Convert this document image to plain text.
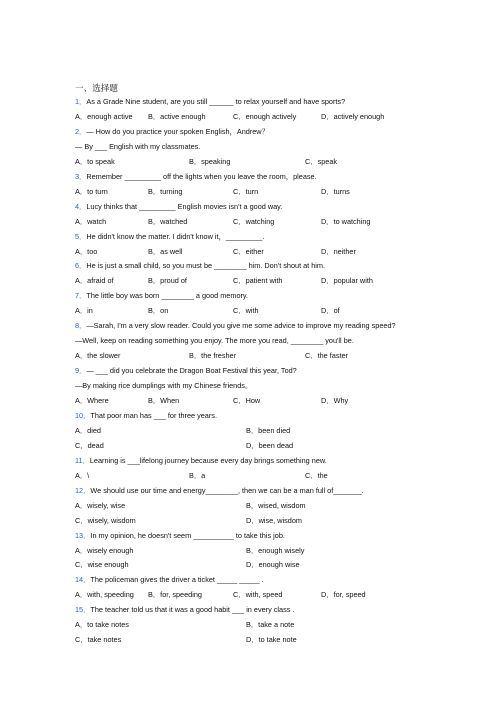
一、选择题
1．As a Grade Nine student, are you still ______ to relax yourself and have sports?
A．enough active B．active enough	C．enough actively	D．actively enough
2．— How do you practice your spoken English，Andrew？
— By ___ English with my classmates.
A．to speak	B．speaking	C．speak
3．Remember _________ off the lights when you leave the room，please.
A．to turn	B．turning	C．turn	D．turns
4．Lucy thinks that _________ English movies isn't a good way.
A．watch	B．watched	C．watching	D．to watching
5．He didn't know the matter. I didn't know it，_________.
A．too	B．as well	C．either	D．neither
6．He is just a small child, so you must be ________ him. Don't shout at him.
A．afraid of	B．proud of	C．patient with	D．popular with
7．The little boy was born ________ a good memory.
A．in	B．on	C．with	D．of
8．—Sarah, I'm a very slow reader. Could you give me some advice to improve my reading speed?
—Well, keep on reading something you enjoy. The more you read, ________ you'll be.
A．the slower	B．the fresher	C．the faster
9．— ___ did you celebrate the Dragon Boat Festival this year, Tod?
—By making rice dumplings with my Chinese friends。
A．Where	B．When	C．How	D．Why
10．That poor man has ___ for three years.
A．died	B．been died
C．dead	D．been dead
11．Learning is ___lifelong journey because every day brings something new.
A．\	B．a	C．the
12．We should use our time and energy________, then we can be a man full of_______.
A．wisely, wise	B．wised, wisdom
C．wisely, wisdom	D．wise, wisdom
13．In my opinion, he doesn't seem __________ to take this job.
A．wisely enough	B．enough wisely
C．wise enough	D．enough wise
14．The policeman gives the driver a ticket _____ _____ .
A．with, speeding B．for, speeding	C．with, speed	D．for, speed
15．The teacher told us that it was a good habit ___ in every class .
A．to take notes	B．take a note
C．take notes	D．to take note
